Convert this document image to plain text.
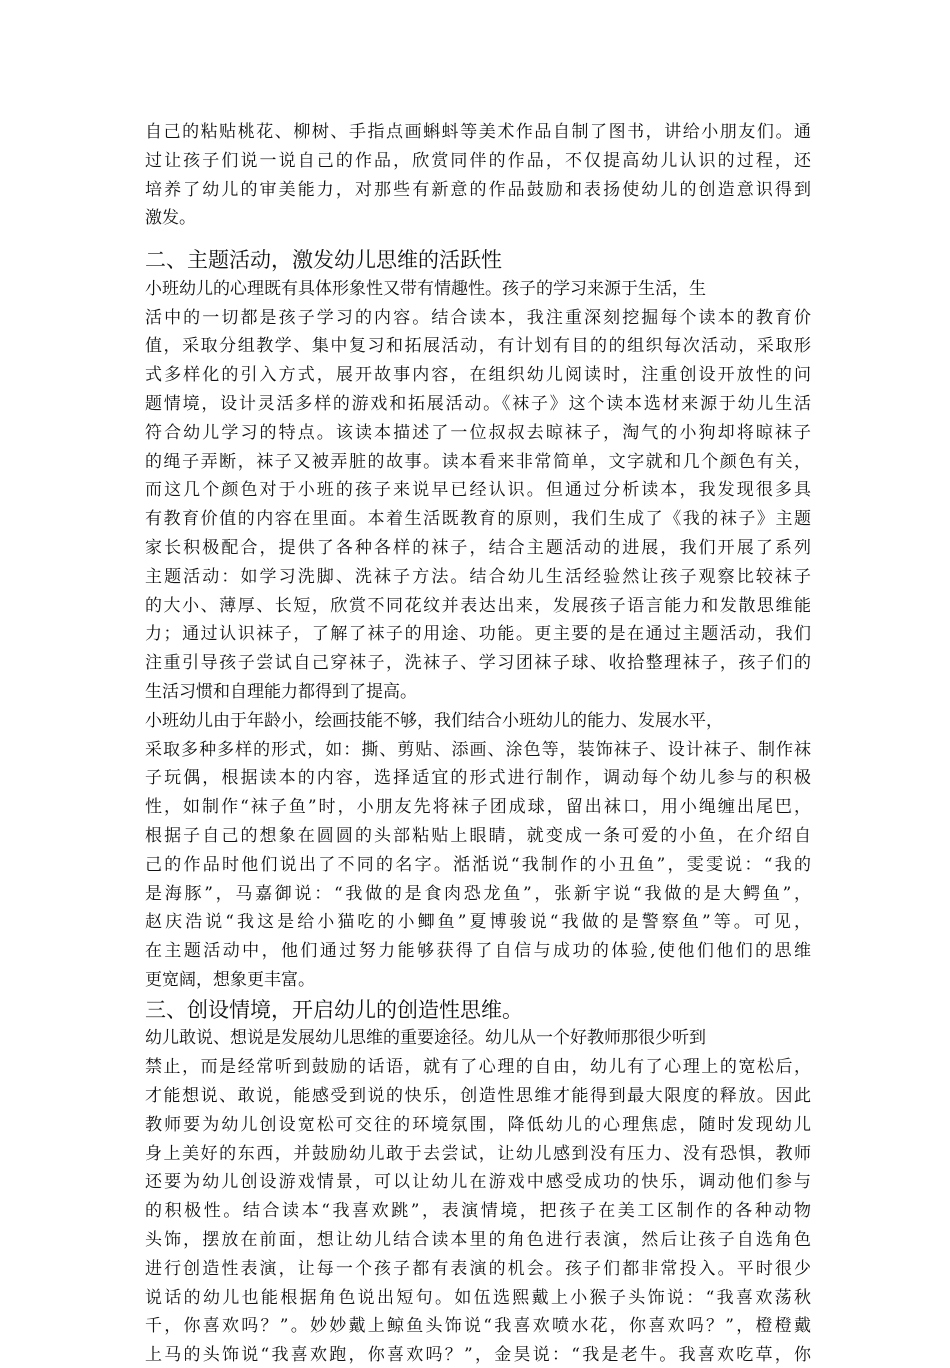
自己的粘贴桃花、柳树、手指点画蝌蚪等美术作品自制了图书，讲给小朋友们。通
过让孩子们说一说自己的作品，欣赏同伴的作品，不仅提高幼儿认识的过程，还
培养了幼儿的审美能力，对那些有新意的作品鼓励和表扬使幼儿的创造意识得到
激发。
二、主题活动，激发幼儿思维的活跃性
小班幼儿的心理既有具体形象性又带有情趣性。孩子的学习来源于生活，生
活中的一切都是孩子学习的内容。结合读本，我注重深刻挖掘每个读本的教育价
值，采取分组教学、集中复习和拓展活动，有计划有目的的组织每次活动，采取形
式多样化的引入方式，展开故事内容，在组织幼儿阅读时，注重创设开放性的问
题情境，设计灵活多样的游戏和拓展活动。《袜子》这个读本选材来源于幼儿生活
符合幼儿学习的特点。该读本描述了一位叔叔去晾袜子，淘气的小狗却将晾袜子
的绳子弄断，袜子又被弄脏的故事。读本看来非常简单，文字就和几个颜色有关，
而这几个颜色对于小班的孩子来说早已经认识。但通过分析读本，我发现很多具
有教育价值的内容在里面。本着生活既教育的原则，我们生成了《我的袜子》主题
家长积极配合，提供了各种各样的袜子，结合主题活动的进展，我们开展了系列
主题活动：如学习洗脚、洗袜子方法。结合幼儿生活经验然让孩子观察比较袜子
的大小、薄厚、长短，欣赏不同花纹并表达出来，发展孩子语言能力和发散思维能
力；通过认识袜子，了解了袜子的用途、功能。更主要的是在通过主题活动，我们
注重引导孩子尝试自己穿袜子，洗袜子、学习团袜子球、收拾整理袜子，孩子们的
生活习惯和自理能力都得到了提高。
小班幼儿由于年龄小，绘画技能不够，我们结合小班幼儿的能力、发展水平，
采取多种多样的形式，如：撕、剪贴、添画、涂色等，装饰袜子、设计袜子、制作袜
子玩偶，根据读本的内容，选择适宜的形式进行制作，调动每个幼儿参与的积极
性，如制作“袜子鱼”时，小朋友先将袜子团成球，留出袜口，用小绳缠出尾巴，
根据子自己的想象在圆圆的头部粘贴上眼睛，就变成一条可爱的小鱼，在介绍自
己的作品时他们说出了不同的名字。湉湉说“我制作的小丑鱼”，雯雯说：“我的
是海豚”，马嘉御说：“我做的是食肉恐龙鱼”，张新宇说“我做的是大鳄鱼”，
赵庆浩说“我这是给小猫吃的小鲫鱼”夏博骏说“我做的是警察鱼”等。可见，
在主题活动中，他们通过努力能够获得了自信与成功的体验,使他们他们的思维
更宽阔，想象更丰富。
三、创设情境，开启幼儿的创造性思维。
幼儿敢说、想说是发展幼儿思维的重要途径。幼儿从一个好教师那很少听到
禁止，而是经常听到鼓励的话语，就有了心理的自由，幼儿有了心理上的宽松后，
才能想说、敢说，能感受到说的快乐，创造性思维才能得到最大限度的释放。因此
教师要为幼儿创设宽松可交往的环境氛围，降低幼儿的心理焦虑，随时发现幼儿
身上美好的东西，并鼓励幼儿敢于去尝试，让幼儿感到没有压力、没有恐惧，教师
还要为幼儿创设游戏情景，可以让幼儿在游戏中感受成功的快乐，调动他们参与
的积极性。结合读本“我喜欢跳”，表演情境，把孩子在美工区制作的各种动物
头饰，摆放在前面，想让幼儿结合读本里的角色进行表演，然后让孩子自选角色
进行创造性表演，让每一个孩子都有表演的机会。孩子们都非常投入。平时很少
说话的幼儿也能根据角色说出短句。如伍选熙戴上小猴子头饰说：“我喜欢荡秋
千，你喜欢吗？”。妙妙戴上鲸鱼头饰说“我喜欢喷水花，你喜欢吗？”，橙橙戴
上马的头饰说“我喜欢跑，你喜欢吗？”，金昊说：“我是老牛。我喜欢吃草，你
